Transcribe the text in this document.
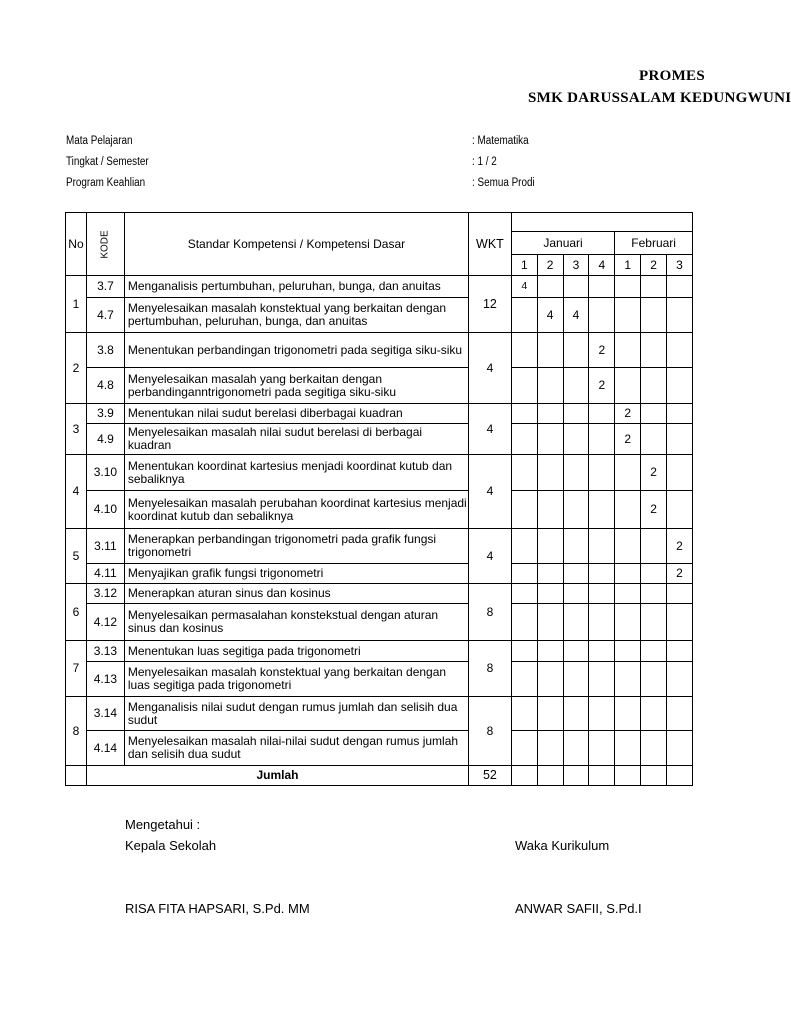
PROMES
SMK DARUSSALAM KEDUNGWUNI
Mata Pelajaran	: Matematika
Tingkat / Semester	: 1 / 2
Program Keahlian	: Semua Prodi
No	KODE	Standar Kompetensi / Kompetensi Dasar	WKT							
				Januari				Februari		
				1	2	3	4	1	2	3
1	3.7	Menganalisis pertumbuhan, peluruhan, bunga, dan anuitas	12	4						
	4.7	Menyelesaikan masalah konstektual yang berkaitan dengan pertumbuhan, peluruhan, bunga, dan anuitas			4	4				
2	3.8	Menentukan perbandingan trigonometri pada segitiga siku-siku	4				2			
	4.8	Menyelesaikan masalah yang berkaitan dengan perbandinganntrigonometri pada segitiga siku-siku					2			
3	3.9	Menentukan nilai sudut berelasi diberbagai kuadran	4					2		
	4.9	Menyelesaikan masalah nilai sudut berelasi di berbagai kuadran						2		
4	3.10	Menentukan koordinat kartesius menjadi koordinat kutub dan sebaliknya	4						2	
	4.10	Menyelesaikan masalah perubahan koordinat kartesius menjadi koordinat kutub dan sebaliknya							2	
5	3.11	Menerapkan perbandingan trigonometri pada grafik fungsi trigonometri	4							2
	4.11	Menyajikan grafik fungsi trigonometri								2
6	3.12	Menerapkan aturan sinus dan kosinus	8							
	4.12	Menyelesaikan permasalahan konstekstual dengan aturan sinus dan kosinus								
7	3.13	Menentukan luas segitiga pada trigonometri	8							
	4.13	Menyelesaikan masalah konstektual yang berkaitan dengan luas segitiga pada trigonometri								
8	3.14	Menganalisis nilai sudut dengan rumus jumlah dan selisih dua sudut	8							
	4.14	Menyelesaikan masalah nilai-nilai sudut dengan rumus jumlah dan selisih dua sudut								
	Jumlah		52							
Mengetahui :
Kepala Sekolah	Waka Kurikulum
RISA FITA HAPSARI, S.Pd. MM	ANWAR SAFII, S.Pd.I
